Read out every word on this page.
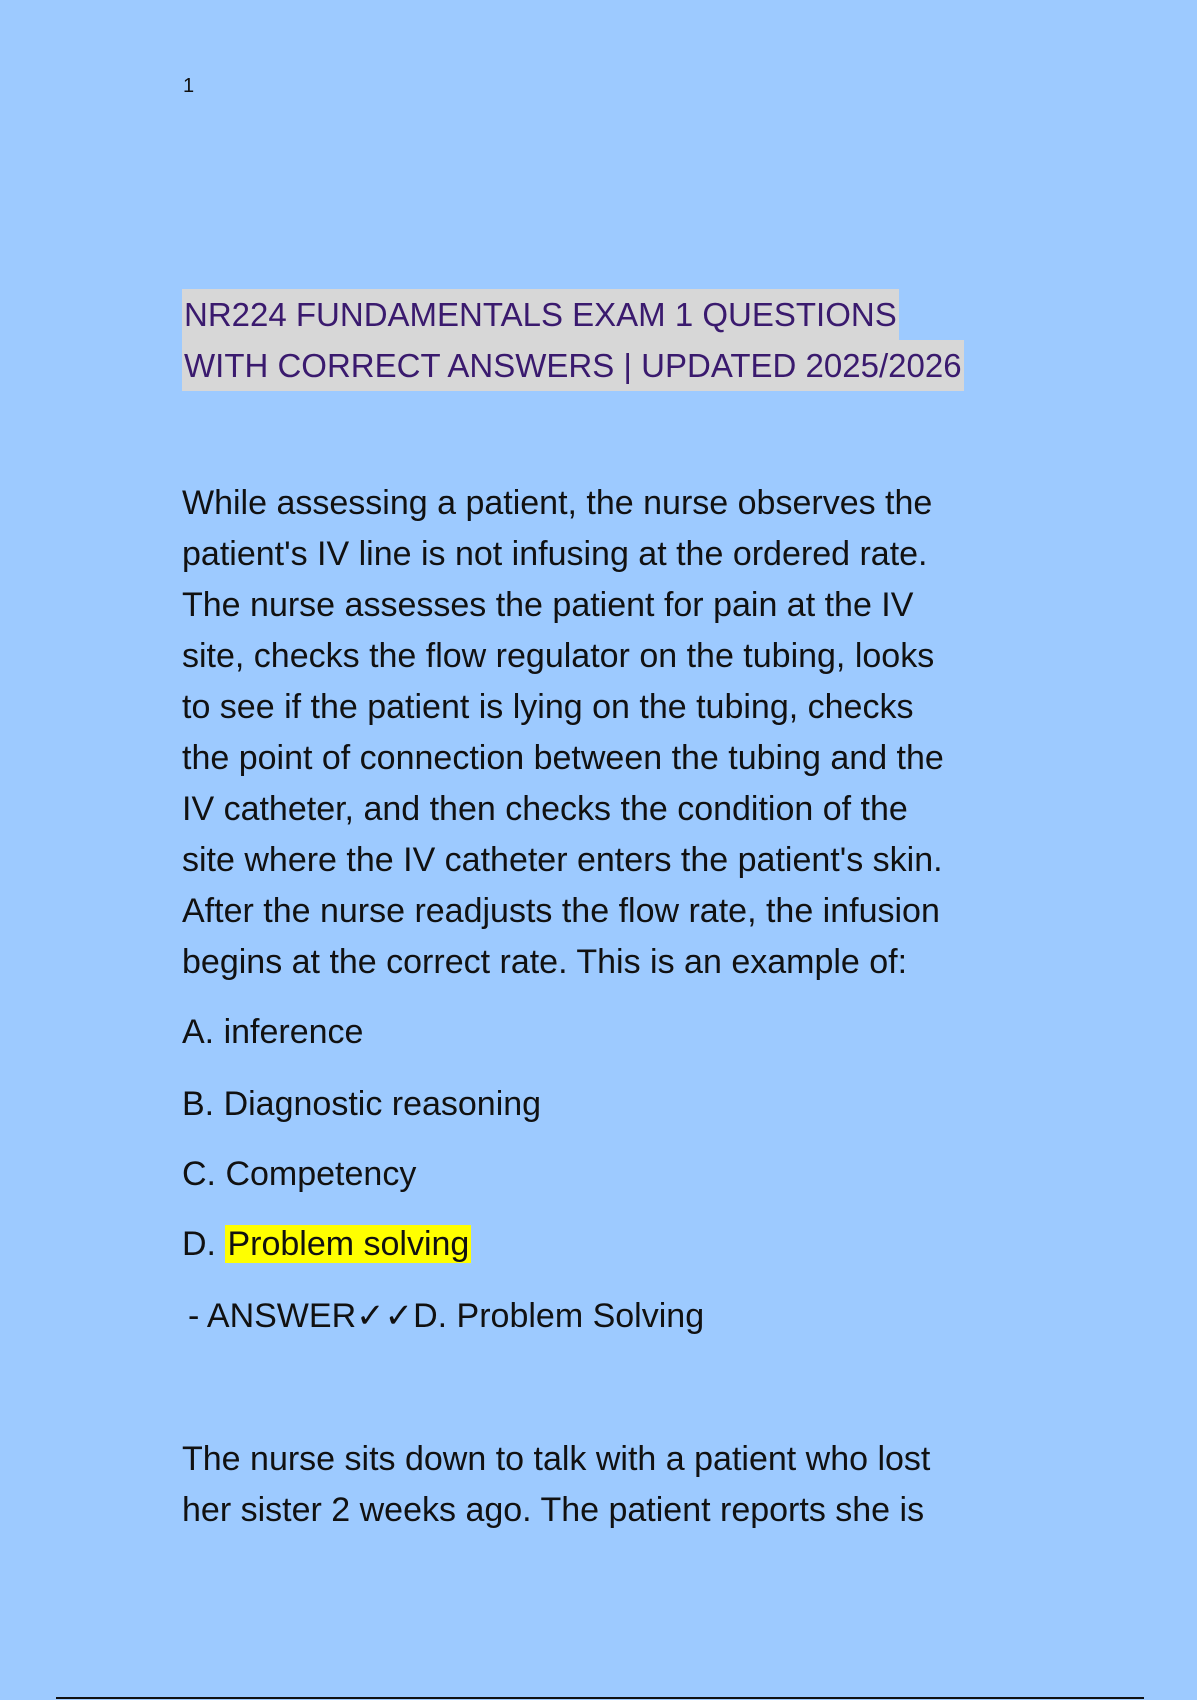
1
NR224 FUNDAMENTALS EXAM 1 QUESTIONS
WITH CORRECT ANSWERS | UPDATED 2025/2026

While assessing a patient, the nurse observes the
patient's IV line is not infusing at the ordered rate.
The nurse assesses the patient for pain at the IV
site, checks the flow regulator on the tubing, looks
to see if the patient is lying on the tubing, checks
the point of connection between the tubing and the
IV catheter, and then checks the condition of the
site where the IV catheter enters the patient's skin.
After the nurse readjusts the flow rate, the infusion
begins at the correct rate. This is an example of:

A. inference

B. Diagnostic reasoning

C. Competency

D. Problem solving

- ANSWER✓✓D. Problem Solving

The nurse sits down to talk with a patient who lost
her sister 2 weeks ago. The patient reports she is
